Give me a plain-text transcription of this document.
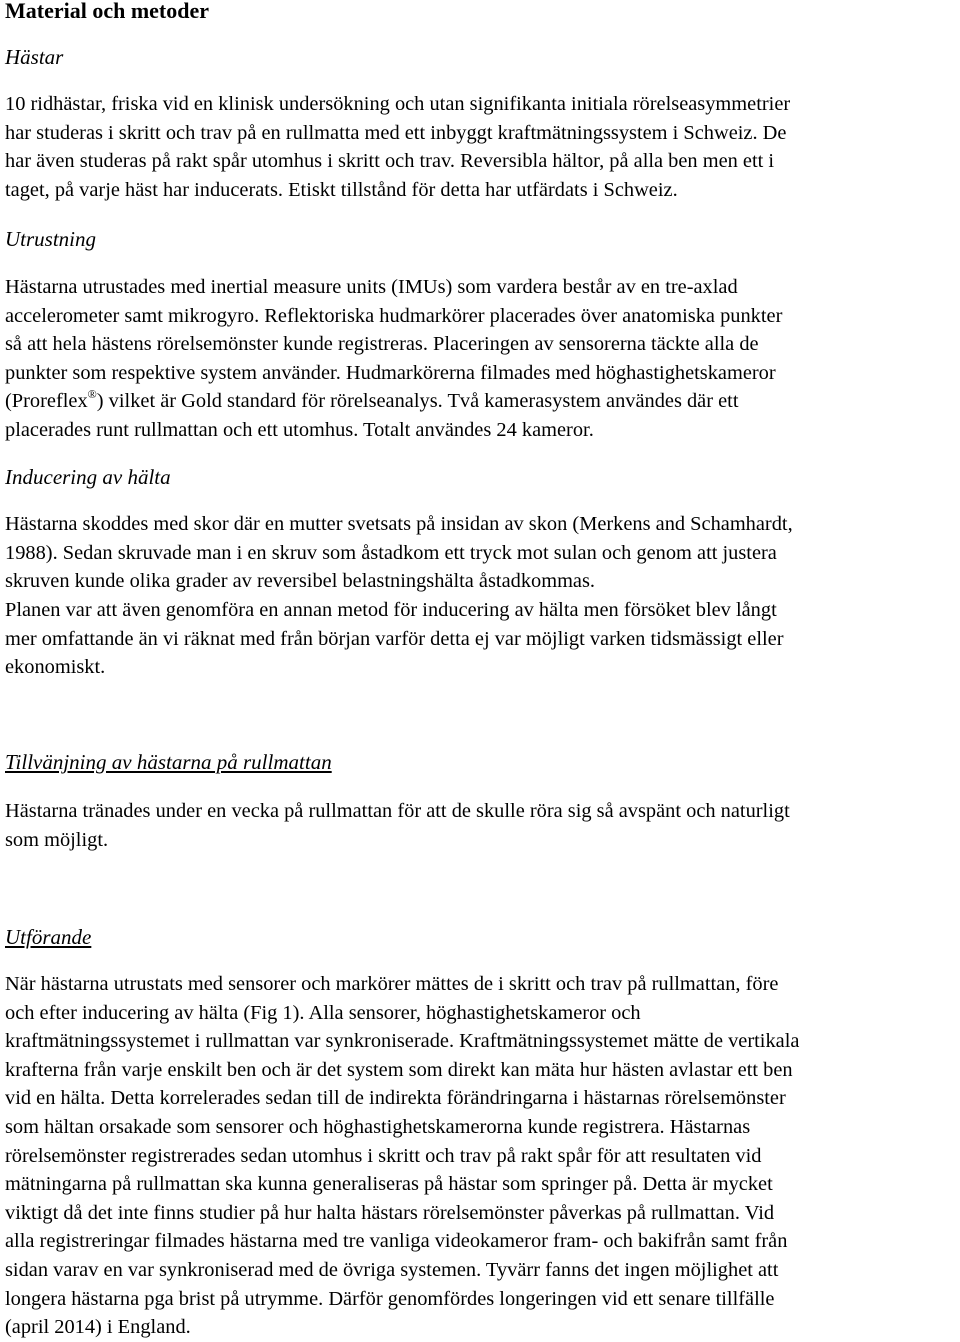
Material och metoder
Hästar

10 ridhästar, friska vid en klinisk undersökning och utan signifikanta initiala rörelseasymmetrier
har studeras i skritt och trav på en rullmatta med ett inbyggt kraftmätningssystem i Schweiz. De
har även studeras på rakt spår utomhus i skritt och trav. Reversibla hältor, på alla ben men ett i
taget, på varje häst har inducerats. Etiskt tillstånd för detta har utfärdats i Schweiz.

Utrustning

Hästarna utrustades med inertial measure units (IMUs) som vardera består av en tre-axlad
accelerometer samt mikrogyro. Reflektoriska hudmarkörer placerades över anatomiska punkter
så att hela hästens rörelsemönster kunde registreras. Placeringen av sensorerna täckte alla de
punkter som respektive system använder. Hudmarkörerna filmades med höghastighetskameror
(Proreflex®) vilket är Gold standard för rörelseanalys. Två kamerasystem användes där ett
placerades runt rullmattan och ett utomhus. Totalt användes 24 kameror.

Inducering av hälta

Hästarna skoddes med skor där en mutter svetsats på insidan av skon (Merkens and Schamhardt,
1988). Sedan skruvade man i en skruv som åstadkom ett tryck mot sulan och genom att justera
skruven kunde olika grader av reversibel belastningshälta åstadkommas.

Planen var att även genomföra en annan metod för inducering av hälta men försöket blev långt
mer omfattande än vi räknat med från början varför detta ej var möjligt varken tidsmässigt eller
ekonomiskt.

Tillvänjning av hästarna på rullmattan

Hästarna tränades under en vecka på rullmattan för att de skulle röra sig så avspänt och naturligt
som möjligt.

Utförande

När hästarna utrustats med sensorer och markörer mättes de i skritt och trav på rullmattan, före
och efter inducering av hälta (Fig 1). Alla sensorer, höghastighetskameror och
kraftmätningssystemet i rullmattan var synkroniserade. Kraftmätningssystemet mätte de vertikala
krafterna från varje enskilt ben och är det system som direkt kan mäta hur hästen avlastar ett ben
vid en hälta. Detta korrelerades sedan till de indirekta förändringarna i hästarnas rörelsemönster
som hältan orsakade som sensorer och höghastighetskamerorna kunde registrera. Hästarnas
rörelsemönster registrerades sedan utomhus i skritt och trav på rakt spår för att resultaten vid
mätningarna på rullmattan ska kunna generaliseras på hästar som springer på. Detta är mycket
viktigt då det inte finns studier på hur halta hästars rörelsemönster påverkas på rullmattan. Vid
alla registreringar filmades hästarna med tre vanliga videokameror fram- och bakifrån samt från
sidan varav en var synkroniserad med de övriga systemen. Tyvärr fanns det ingen möjlighet att
longera hästarna pga brist på utrymme. Därför genomfördes longeringen vid ett senare tillfälle
(april 2014) i England.
